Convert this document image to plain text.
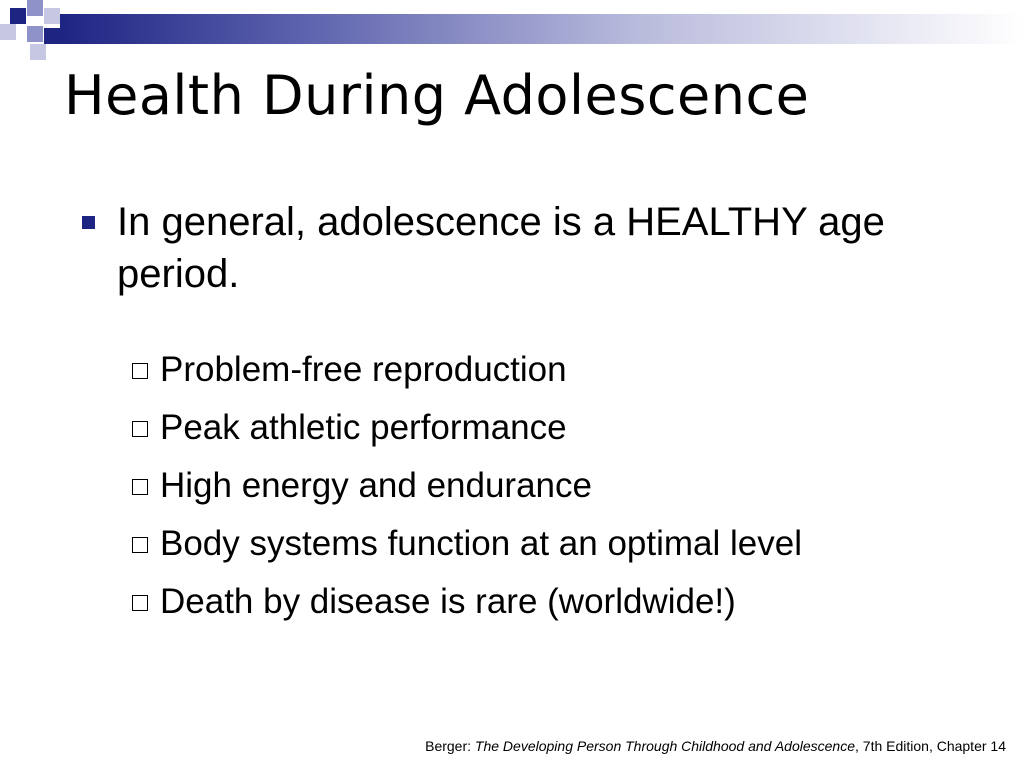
Health During Adolescence
In general, adolescence is a HEALTHY age period.
Problem-free reproduction
Peak athletic performance
High energy and endurance
Body systems function at an optimal level
Death by disease is rare (worldwide!)
Berger: The Developing Person Through Childhood and Adolescence, 7th Edition, Chapter 14
